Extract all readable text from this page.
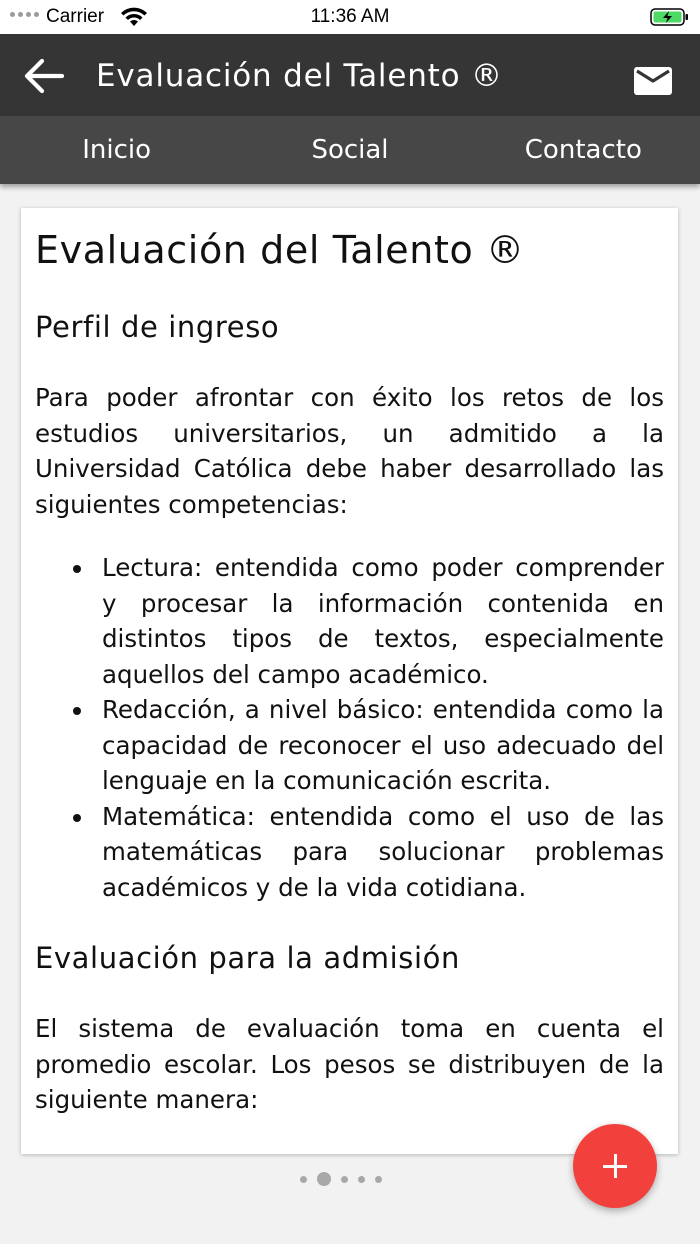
Carrier	11:36 AM
Evaluación del Talento ®
Inicio	Social	Contacto
Evaluación del Talento ®
Perfil de ingreso

Para poder afrontar con éxito los retos de los estudios universitarios, un admitido a la Universidad Católica debe haber desarrollado las siguientes competencias:

Lectura: entendida como poder comprender y procesar la información contenida en distintos tipos de textos, especialmente aquellos del campo académico.
Redacción, a nivel básico: entendida como la capacidad de reconocer el uso adecuado del lenguaje en la comunicación escrita.
Matemática: entendida como el uso de las matemáticas para solucionar problemas académicos y de la vida cotidiana.
Evaluación para la admisión

El sistema de evaluación toma en cuenta el promedio escolar. Los pesos se distribuyen de la siguiente manera:
